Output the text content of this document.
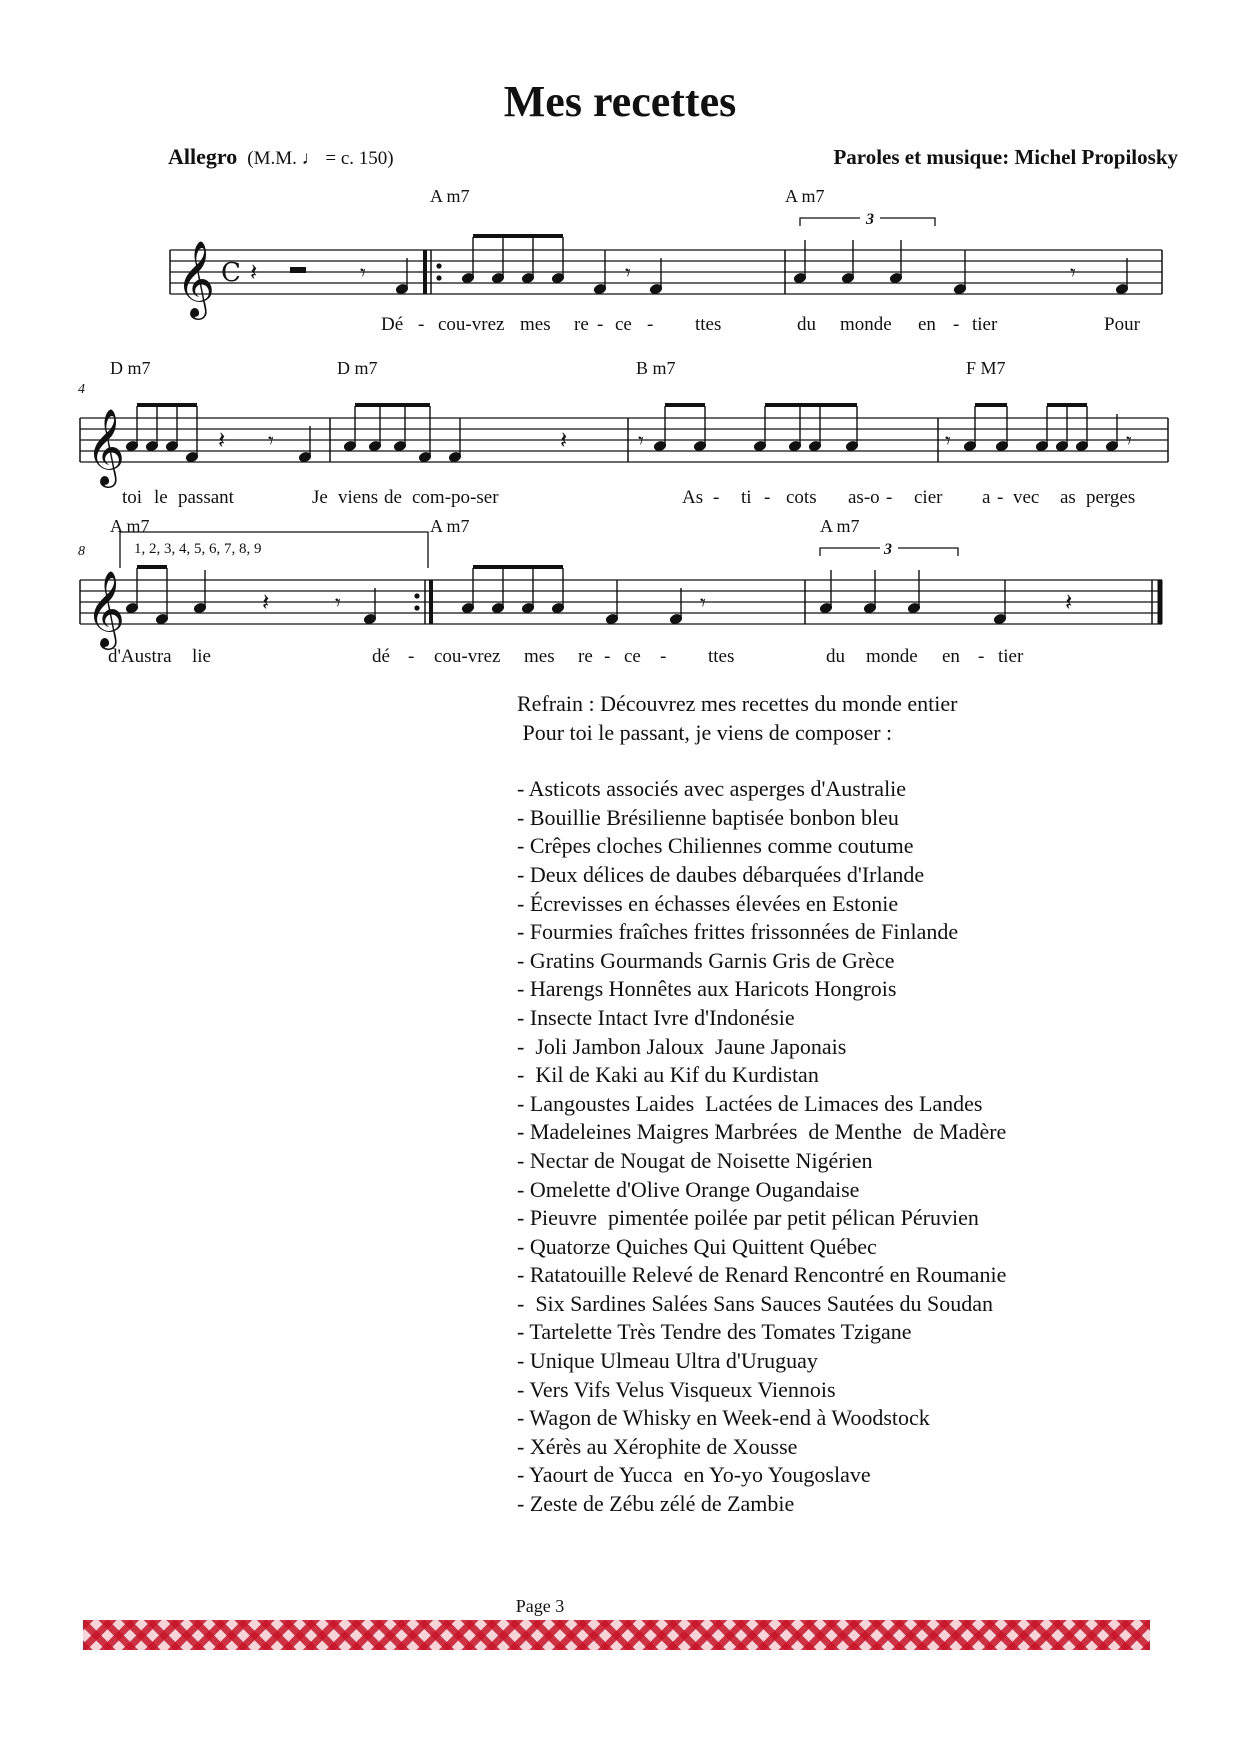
Mes recettes
Allegro (M.M. ♩ = c. 150)	Paroles et musique: Michel Propilosky
𝄞
𝄞
𝄞
C
3
3
𝄽	𝄾	𝄾	𝄾
𝄽 𝄾	𝄽	𝄾	𝄾	𝄾
𝄽	𝄾	𝄾	𝄽
A m7	A m7
4
D m7	D m7	B m7	F M7
8
A m7
1, 2, 3, 4, 5, 6, 7, 8, 9
A m7	A m7
Dé - cou-vrez mes re - ce - ttes	du monde en - tier	Pour
toi le passant	Je viens de com-po-ser	As - ti - cots as-o - cier a - vec as perges
d'Austra lie	dé - cou-vrez mes re - ce - ttes	du monde en - tier
Refrain : Découvrez mes recettes du monde entier
Pour toi le passant, je viens de composer :
- Asticots associés avec asperges d'Australie
- Bouillie Brésilienne baptisée bonbon bleu
- Crêpes cloches Chiliennes comme coutume
- Deux délices de daubes débarquées d'Irlande
- Écrevisses en échasses élevées en Estonie
- Fourmies fraîches frittes frissonnées de Finlande
- Gratins Gourmands Garnis Gris de Grèce
- Harengs Honnêtes aux Haricots Hongrois
- Insecte Intact Ivre d'Indonésie
-  Joli Jambon Jaloux  Jaune Japonais
-  Kil de Kaki au Kif du Kurdistan
- Langoustes Laides  Lactées de Limaces des Landes
- Madeleines Maigres Marbrées  de Menthe  de Madère
- Nectar de Nougat de Noisette Nigérien
- Omelette d'Olive Orange Ougandaise
- Pieuvre  pimentée poilée par petit pélican Péruvien
- Quatorze Quiches Qui Quittent Québec
- Ratatouille Relevé de Renard Rencontré en Roumanie
-  Six Sardines Salées Sans Sauces Sautées du Soudan
- Tartelette Très Tendre des Tomates Tzigane
- Unique Ulmeau Ultra d'Uruguay
- Vers Vifs Velus Visqueux Viennois
- Wagon de Whisky en Week-end à Woodstock
- Xérès au Xérophite de Xousse
- Yaourt de Yucca  en Yo-yo Yougoslave
- Zeste de Zébu zélé de Zambie
Page 3
